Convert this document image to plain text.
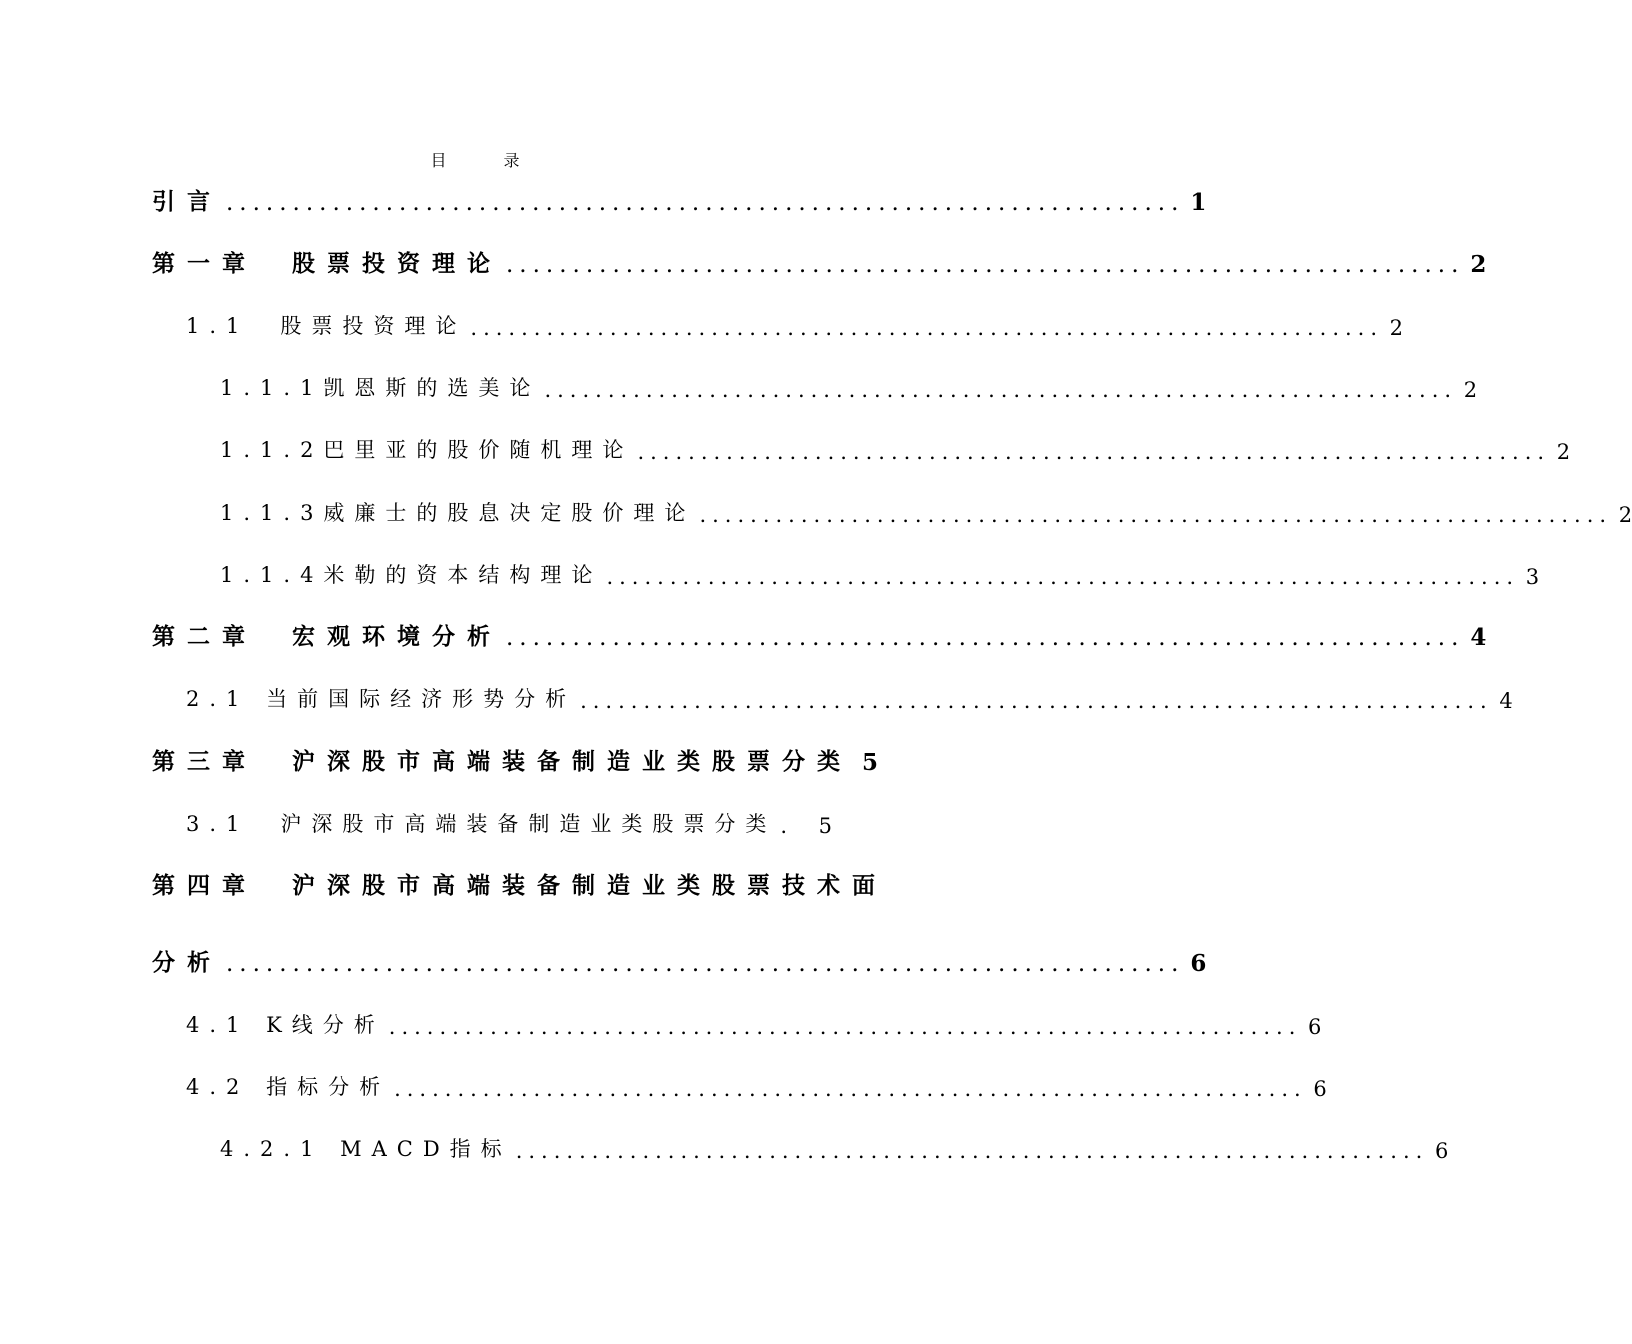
目 录
引言 ........................................................................ 1
第一章　股票投资理论 ........................................................................ 2
1.1　股票投资理论 ........................................................................ 2
1.1.1凯恩斯的选美论 ........................................................................ 2
1.1.2巴里亚的股价随机理论 ........................................................................ 2
1.1.3威廉士的股息决定股价理论 ........................................................................ 2
1.1.4米勒的资本结构理论 ........................................................................ 3
第二章　宏观环境分析 ........................................................................ 4
2.1 当前国际经济形势分析 ........................................................................ 4
第三章　沪深股市高端装备制造业类股票分类 5
3.1　沪深股市高端装备制造业类股票分类 .	5
第四章　沪深股市高端装备制造业类股票技术面
分析 ........................................................................ 6
4.1 K线分析 ........................................................................ 6
4.2 指标分析 ........................................................................ 6
4.2.1 MACD指标 ........................................................................ 6
